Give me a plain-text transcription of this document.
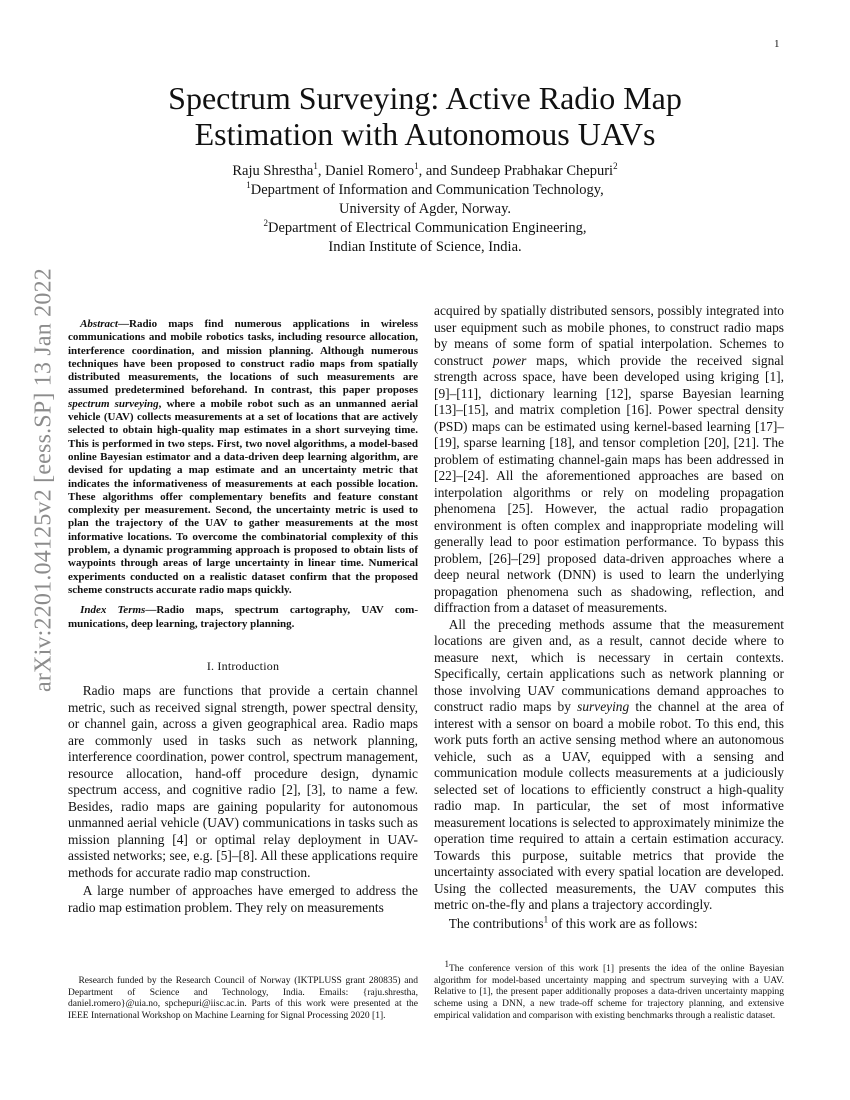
1
arXiv:2201.04125v2 [eess.SP] 13 Jan 2022
Spectrum Surveying: Active Radio Map
Estimation with Autonomous UAVs
Raju Shrestha$^1$, Daniel Romero$^1$, and Sundeep Prabhakar Chepuri$^2$
$^1$Department of Information and Communication Technology,
University of Agder, Norway.
$^2$Department of Electrical Communication Engineering,
Indian Institute of Science, India.

Abstract—Radio maps find numerous applications in wireless communications and mobile robotics tasks, including resource allocation, interference coordination, and mission planning. Although numerous techniques have been proposed to construct radio maps from spatially distributed measurements, the locations of such measurements are assumed predetermined beforehand. In contrast, this paper proposes spectrum surveying, where a mobile robot such as an unmanned aerial vehicle (UAV) collects measurements at a set of locations that are actively selected to obtain high-quality map estimates in a short surveying time. This is performed in two steps. First, two novel algorithms, a model-based online Bayesian estimator and a data-driven deep learning algorithm, are devised for updating a map estimate and an uncertainty metric that indicates the informativeness of measurements at each possible location. These algorithms offer complementary benefits and feature constant complexity per measurement. Second, the uncertainty metric is used to plan the trajectory of the UAV to gather measurements at the most informative locations. To overcome the combinatorial complexity of this problem, a dynamic programming approach is proposed to obtain lists of waypoints through areas of large uncertainty in linear time. Numerical experiments conducted on a realistic dataset confirm that the proposed scheme constructs accurate radio maps quickly.

Index Terms—Radio maps, spectrum cartography, UAV communications, deep learning, trajectory planning.

I. Introduction

Radio maps are functions that provide a certain channel metric, such as received signal strength, power spectral density, or channel gain, across a given geographical area. Radio maps are commonly used in tasks such as network planning, interference coordination, power control, spectrum management, resource allocation, hand-off procedure design, dynamic spectrum access, and cognitive radio [2], [3], to name a few. Besides, radio maps are gaining popularity for autonomous unmanned aerial vehicle (UAV) communications in tasks such as mission planning [4] or optimal relay deployment in UAV-assisted networks; see, e.g. [5]–[8]. All these applications require methods for accurate radio map construction.

A large number of approaches have emerged to address the radio map estimation problem. They rely on measurements

acquired by spatially distributed sensors, possibly integrated into user equipment such as mobile phones, to construct radio maps by means of some form of spatial interpolation. Schemes to construct power maps, which provide the received signal strength across space, have been developed using kriging [1], [9]–[11], dictionary learning [12], sparse Bayesian learning [13]–[15], and matrix completion [16]. Power spectral density (PSD) maps can be estimated using kernel-based learning [17]–[19], sparse learning [18], and tensor completion [20], [21]. The problem of estimating channel-gain maps has been addressed in [22]–[24]. All the aforementioned approaches are based on interpolation algorithms or rely on modeling propagation phenomena [25]. However, the actual radio propagation environment is often complex and inappropriate modeling will generally lead to poor estimation performance. To bypass this problem, [26]–[29] proposed data-driven approaches where a deep neural network (DNN) is used to learn the underlying propagation phenomena such as shadowing, reflection, and diffraction from a dataset of measurements.

All the preceding methods assume that the measurement locations are given and, as a result, cannot decide where to measure next, which is necessary in certain contexts. Specifically, certain applications such as network planning or those involving UAV communications demand approaches to construct radio maps by surveying the channel at the area of interest with a sensor on board a mobile robot. To this end, this work puts forth an active sensing method where an autonomous vehicle, such as a UAV, equipped with a sensing and communication module collects measurements at a judiciously selected set of locations to efficiently construct a high-quality radio map. In particular, the set of most informative measurement locations is selected to approximately minimize the operation time required to attain a certain estimation accuracy. Towards this purpose, suitable metrics that provide the uncertainty associated with every spatial location are developed. Using the collected measurements, the UAV computes this metric on-the-fly and plans a trajectory accordingly.

The contributions$^1$ of this work are as follows:

Research funded by the Research Council of Norway (IKTPLUSS grant 280835) and Department of Science and Technology, India. Emails: {raju.shrestha, daniel.romero}@uia.no, spchepuri@iisc.ac.in. Parts of this work were presented at the IEEE International Workshop on Machine Learning for Signal Processing 2020 [1].

$^1$The conference version of this work [1] presents the idea of the online Bayesian algorithm for model-based uncertainty mapping and spectrum surveying with a UAV. Relative to [1], the present paper additionally proposes a data-driven uncertainty mapping scheme using a DNN, a new trade-off scheme for trajectory planning, and extensive empirical validation and comparison with existing benchmarks through a realistic dataset.
